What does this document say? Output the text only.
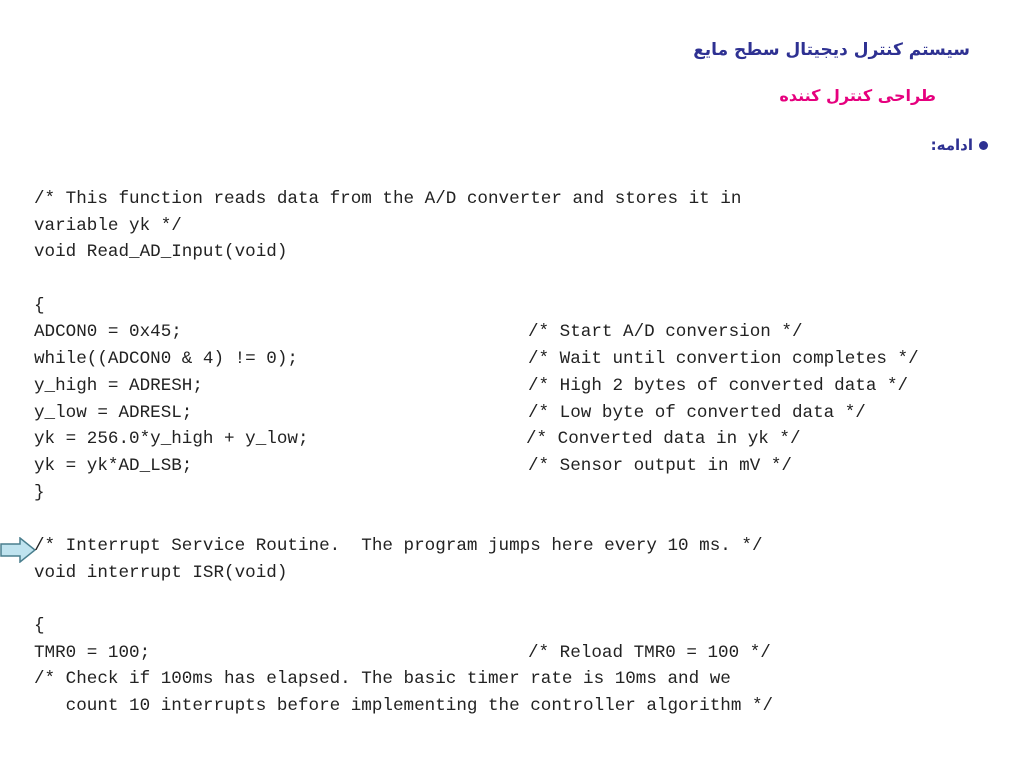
سیستم کنترل دیجیتال سطح مایع
طراحی کنترل کننده
ادامه:
/* This function reads data from the A/D converter and stores it in
variable yk */
void Read_AD_Input(void)
{
ADCON0 = 0x45;	/* Start A/D conversion */
while((ADCON0 & 4) != 0);	/* Wait until convertion completes */
y_high = ADRESH;	/* High 2 bytes of converted data */
y_low = ADRESL;	/* Low byte of converted data */
yk = 256.0*y_high + y_low;	/* Converted data in yk */
yk = yk*AD_LSB;	/* Sensor output in mV */
}
/* Interrupt Service Routine.  The program jumps here every 10 ms. */
void interrupt ISR(void)
{
TMR0 = 100;	/* Reload TMR0 = 100 */
/* Check if 100ms has elapsed. The basic timer rate is 10ms and we
count 10 interrupts before implementing the controller algorithm */
